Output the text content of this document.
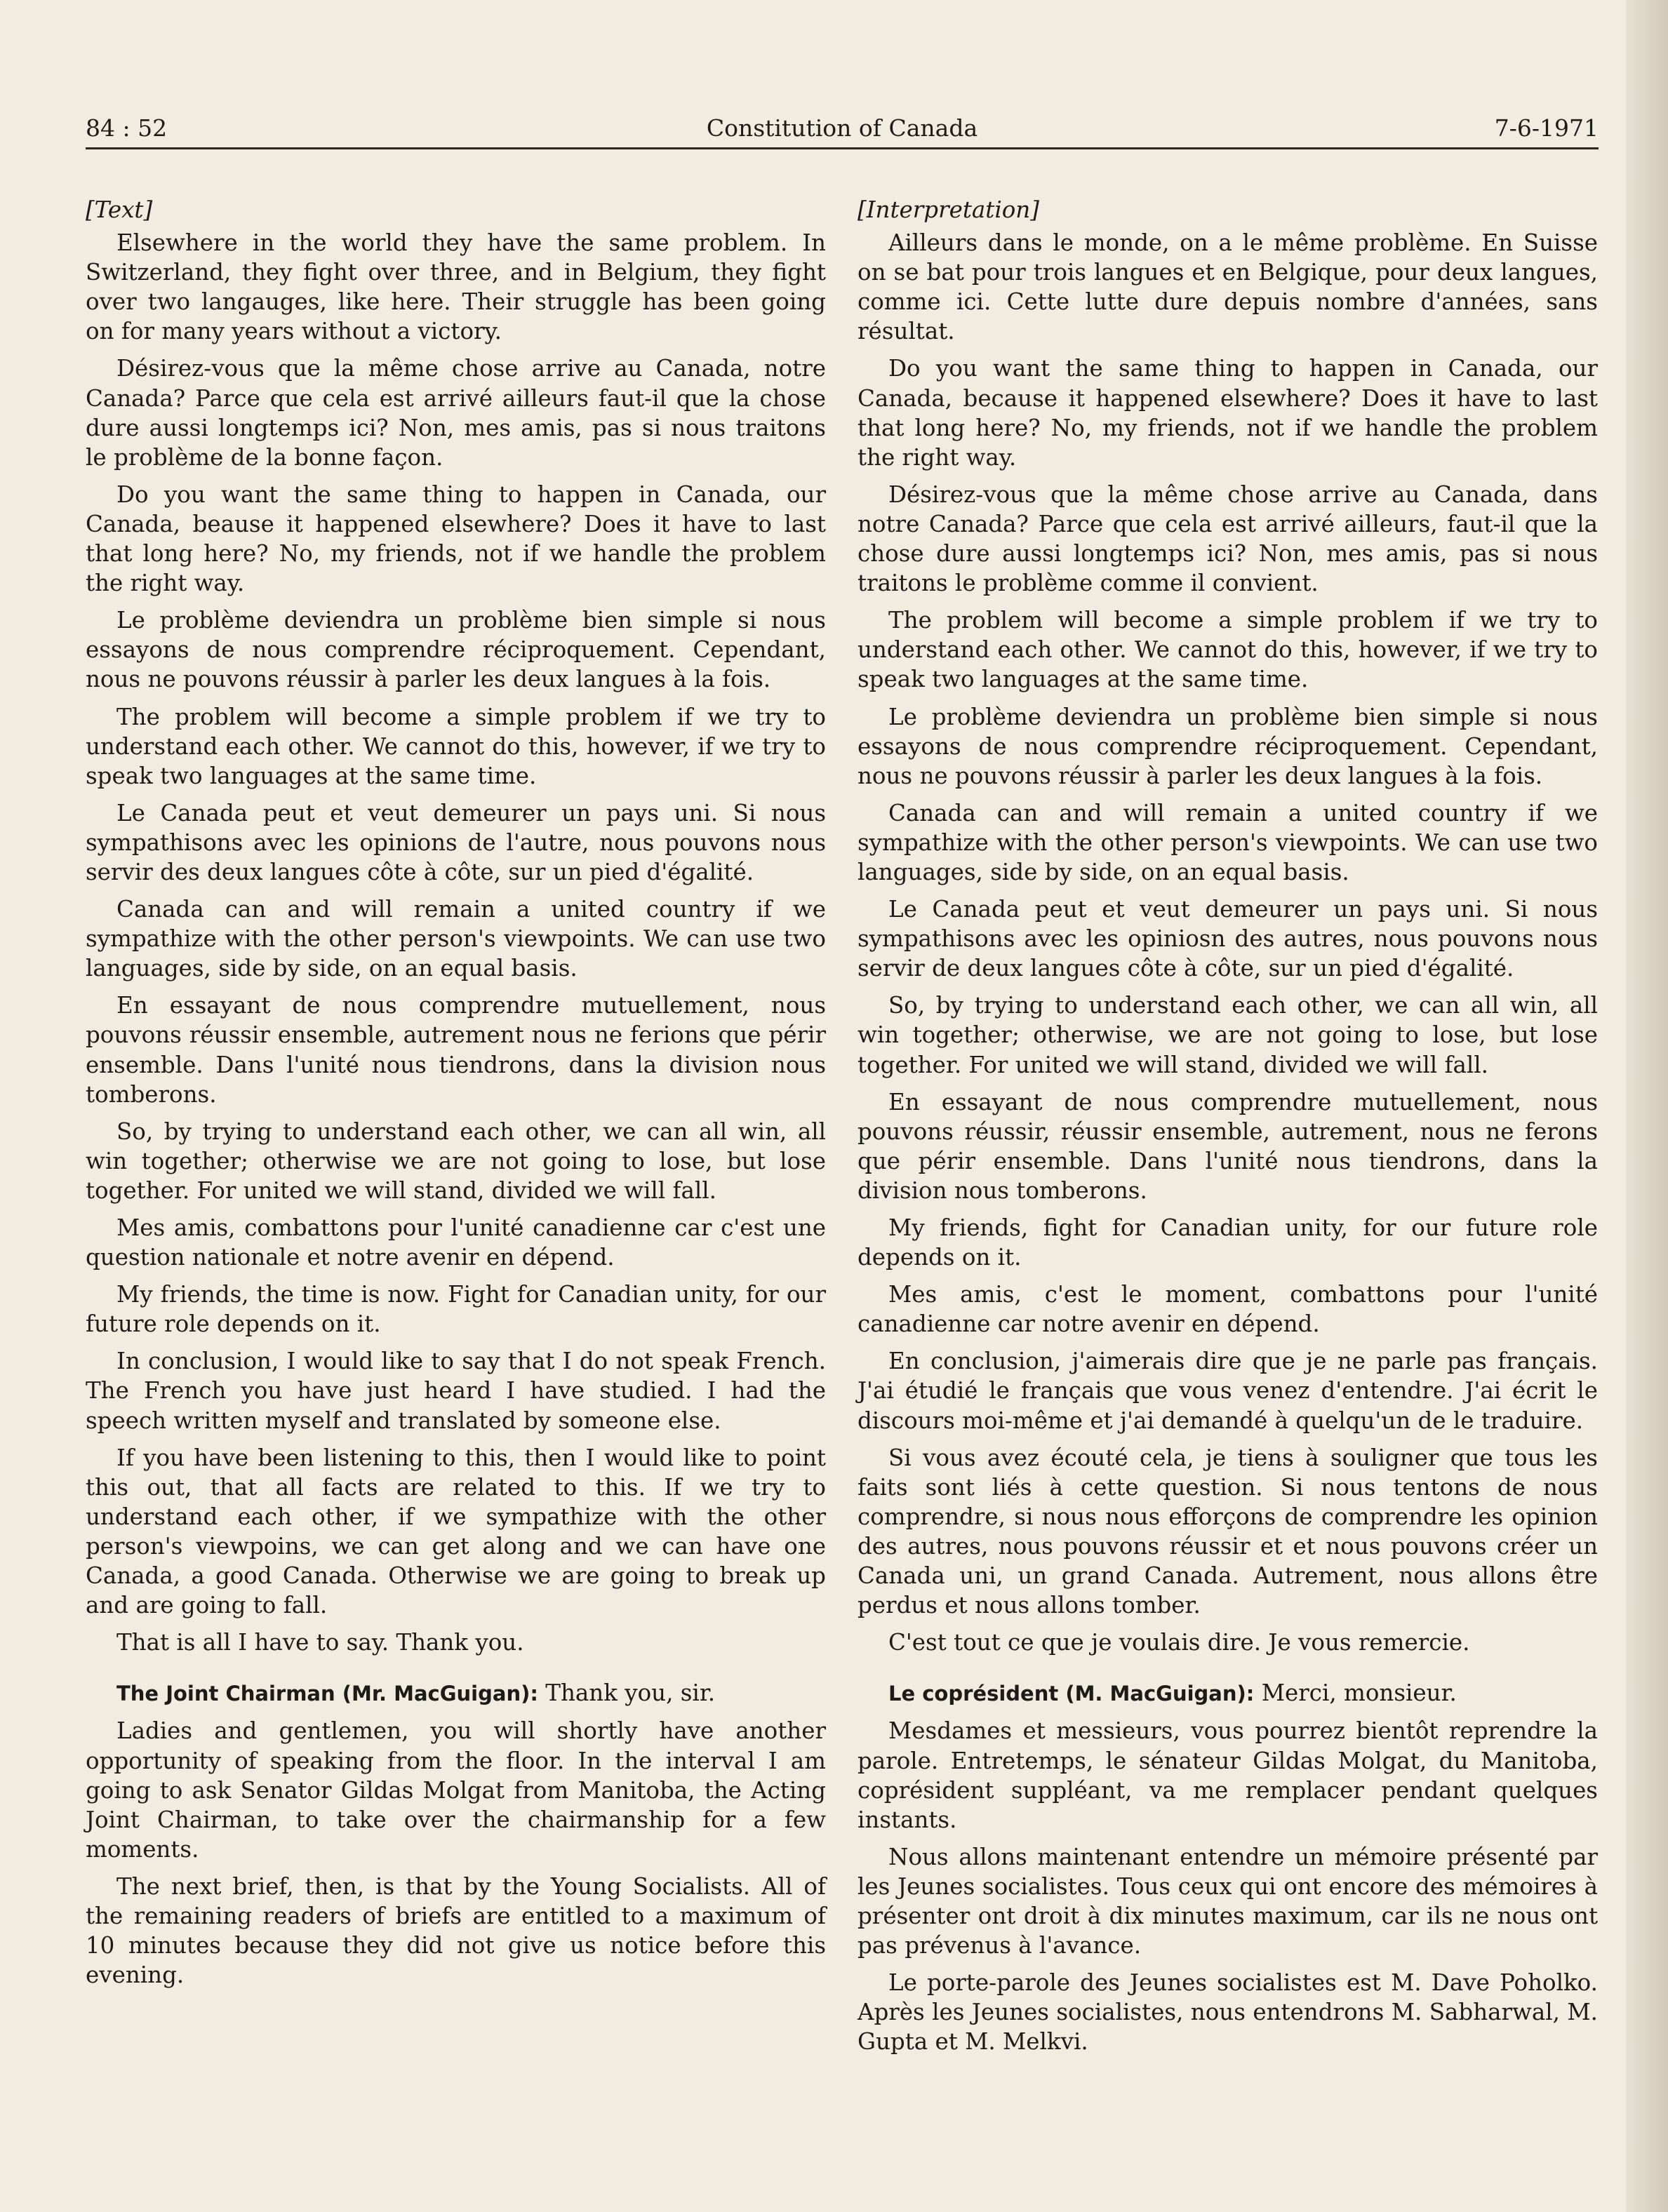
84 : 52	Constitution of Canada	7-6-1971

[Text]

Elsewhere in the world they have the same problem. In Switzerland, they fight over three, and in Belgium, they fight over two langauges, like here. Their struggle has been going on for many years without a victory.

Désirez-vous que la même chose arrive au Canada, notre Canada? Parce que cela est arrivé ailleurs faut-il que la chose dure aussi longtemps ici? Non, mes amis, pas si nous traitons le problème de la bonne façon.

Do you want the same thing to happen in Canada, our Canada, beause it happened elsewhere? Does it have to last that long here? No, my friends, not if we handle the problem the right way.

Le problème deviendra un problème bien simple si nous essayons de nous comprendre réciproquement. Cependant, nous ne pouvons réussir à parler les deux langues à la fois.

The problem will become a simple problem if we try to understand each other. We cannot do this, however, if we try to speak two languages at the same time.

Le Canada peut et veut demeurer un pays uni. Si nous sympathisons avec les opinions de l'autre, nous pouvons nous servir des deux langues côte à côte, sur un pied d'égalité.

Canada can and will remain a united country if we sympathize with the other person's viewpoints. We can use two languages, side by side, on an equal basis.

En essayant de nous comprendre mutuellement, nous pouvons réussir ensemble, autrement nous ne ferions que périr ensemble. Dans l'unité nous tiendrons, dans la division nous tomberons.

So, by trying to understand each other, we can all win, all win together; otherwise we are not going to lose, but lose together. For united we will stand, divided we will fall.

Mes amis, combattons pour l'unité canadienne car c'est une question nationale et notre avenir en dépend.

My friends, the time is now. Fight for Canadian unity, for our future role depends on it.

In conclusion, I would like to say that I do not speak French. The French you have just heard I have studied. I had the speech written myself and translated by someone else.

If you have been listening to this, then I would like to point this out, that all facts are related to this. If we try to understand each other, if we sympathize with the other person's viewpoins, we can get along and we can have one Canada, a good Canada. Otherwise we are going to break up and are going to fall.

That is all I have to say. Thank you.

The Joint Chairman (Mr. MacGuigan): Thank you, sir.

Ladies and gentlemen, you will shortly have another opportunity of speaking from the floor. In the interval I am going to ask Senator Gildas Molgat from Manitoba, the Acting Joint Chairman, to take over the chairmanship for a few moments.

The next brief, then, is that by the Young Socialists. All of the remaining readers of briefs are entitled to a maximum of 10 minutes because they did not give us notice before this evening.

[Interpretation]

Ailleurs dans le monde, on a le même problème. En Suisse on se bat pour trois langues et en Belgique, pour deux langues, comme ici. Cette lutte dure depuis nombre d'années, sans résultat.

Do you want the same thing to happen in Canada, our Canada, because it happened elsewhere? Does it have to last that long here? No, my friends, not if we handle the problem the right way.

Désirez-vous que la même chose arrive au Canada, dans notre Canada? Parce que cela est arrivé ailleurs, faut-il que la chose dure aussi longtemps ici? Non, mes amis, pas si nous traitons le problème comme il convient.

The problem will become a simple problem if we try to understand each other. We cannot do this, however, if we try to speak two languages at the same time.

Le problème deviendra un problème bien simple si nous essayons de nous comprendre réciproquement. Cependant, nous ne pouvons réussir à parler les deux langues à la fois.

Canada can and will remain a united country if we sympathize with the other person's viewpoints. We can use two languages, side by side, on an equal basis.

Le Canada peut et veut demeurer un pays uni. Si nous sympathisons avec les opiniosn des autres, nous pouvons nous servir de deux langues côte à côte, sur un pied d'égalité.

So, by trying to understand each other, we can all win, all win together; otherwise, we are not going to lose, but lose together. For united we will stand, divided we will fall.

En essayant de nous comprendre mutuellement, nous pouvons réussir, réussir ensemble, autrement, nous ne ferons que périr ensemble. Dans l'unité nous tiendrons, dans la division nous tomberons.

My friends, fight for Canadian unity, for our future role depends on it.

Mes amis, c'est le moment, combattons pour l'unité canadienne car notre avenir en dépend.

En conclusion, j'aimerais dire que je ne parle pas français. J'ai étudié le français que vous venez d'entendre. J'ai écrit le discours moi-même et j'ai demandé à quelqu'un de le traduire.

Si vous avez écouté cela, je tiens à souligner que tous les faits sont liés à cette question. Si nous tentons de nous comprendre, si nous nous efforçons de comprendre les opinion des autres, nous pouvons réussir et et nous pouvons créer un Canada uni, un grand Canada. Autrement, nous allons être perdus et nous allons tomber.

C'est tout ce que je voulais dire. Je vous remercie.

Le coprésident (M. MacGuigan): Merci, monsieur.

Mesdames et messieurs, vous pourrez bientôt reprendre la parole. Entretemps, le sénateur Gildas Molgat, du Manitoba, coprésident suppléant, va me remplacer pendant quelques instants.

Nous allons maintenant entendre un mémoire présenté par les Jeunes socialistes. Tous ceux qui ont encore des mémoires à présenter ont droit à dix minutes maximum, car ils ne nous ont pas prévenus à l'avance.

Le porte-parole des Jeunes socialistes est M. Dave Poholko. Après les Jeunes socialistes, nous entendrons M. Sabharwal, M. Gupta et M. Melkvi.
